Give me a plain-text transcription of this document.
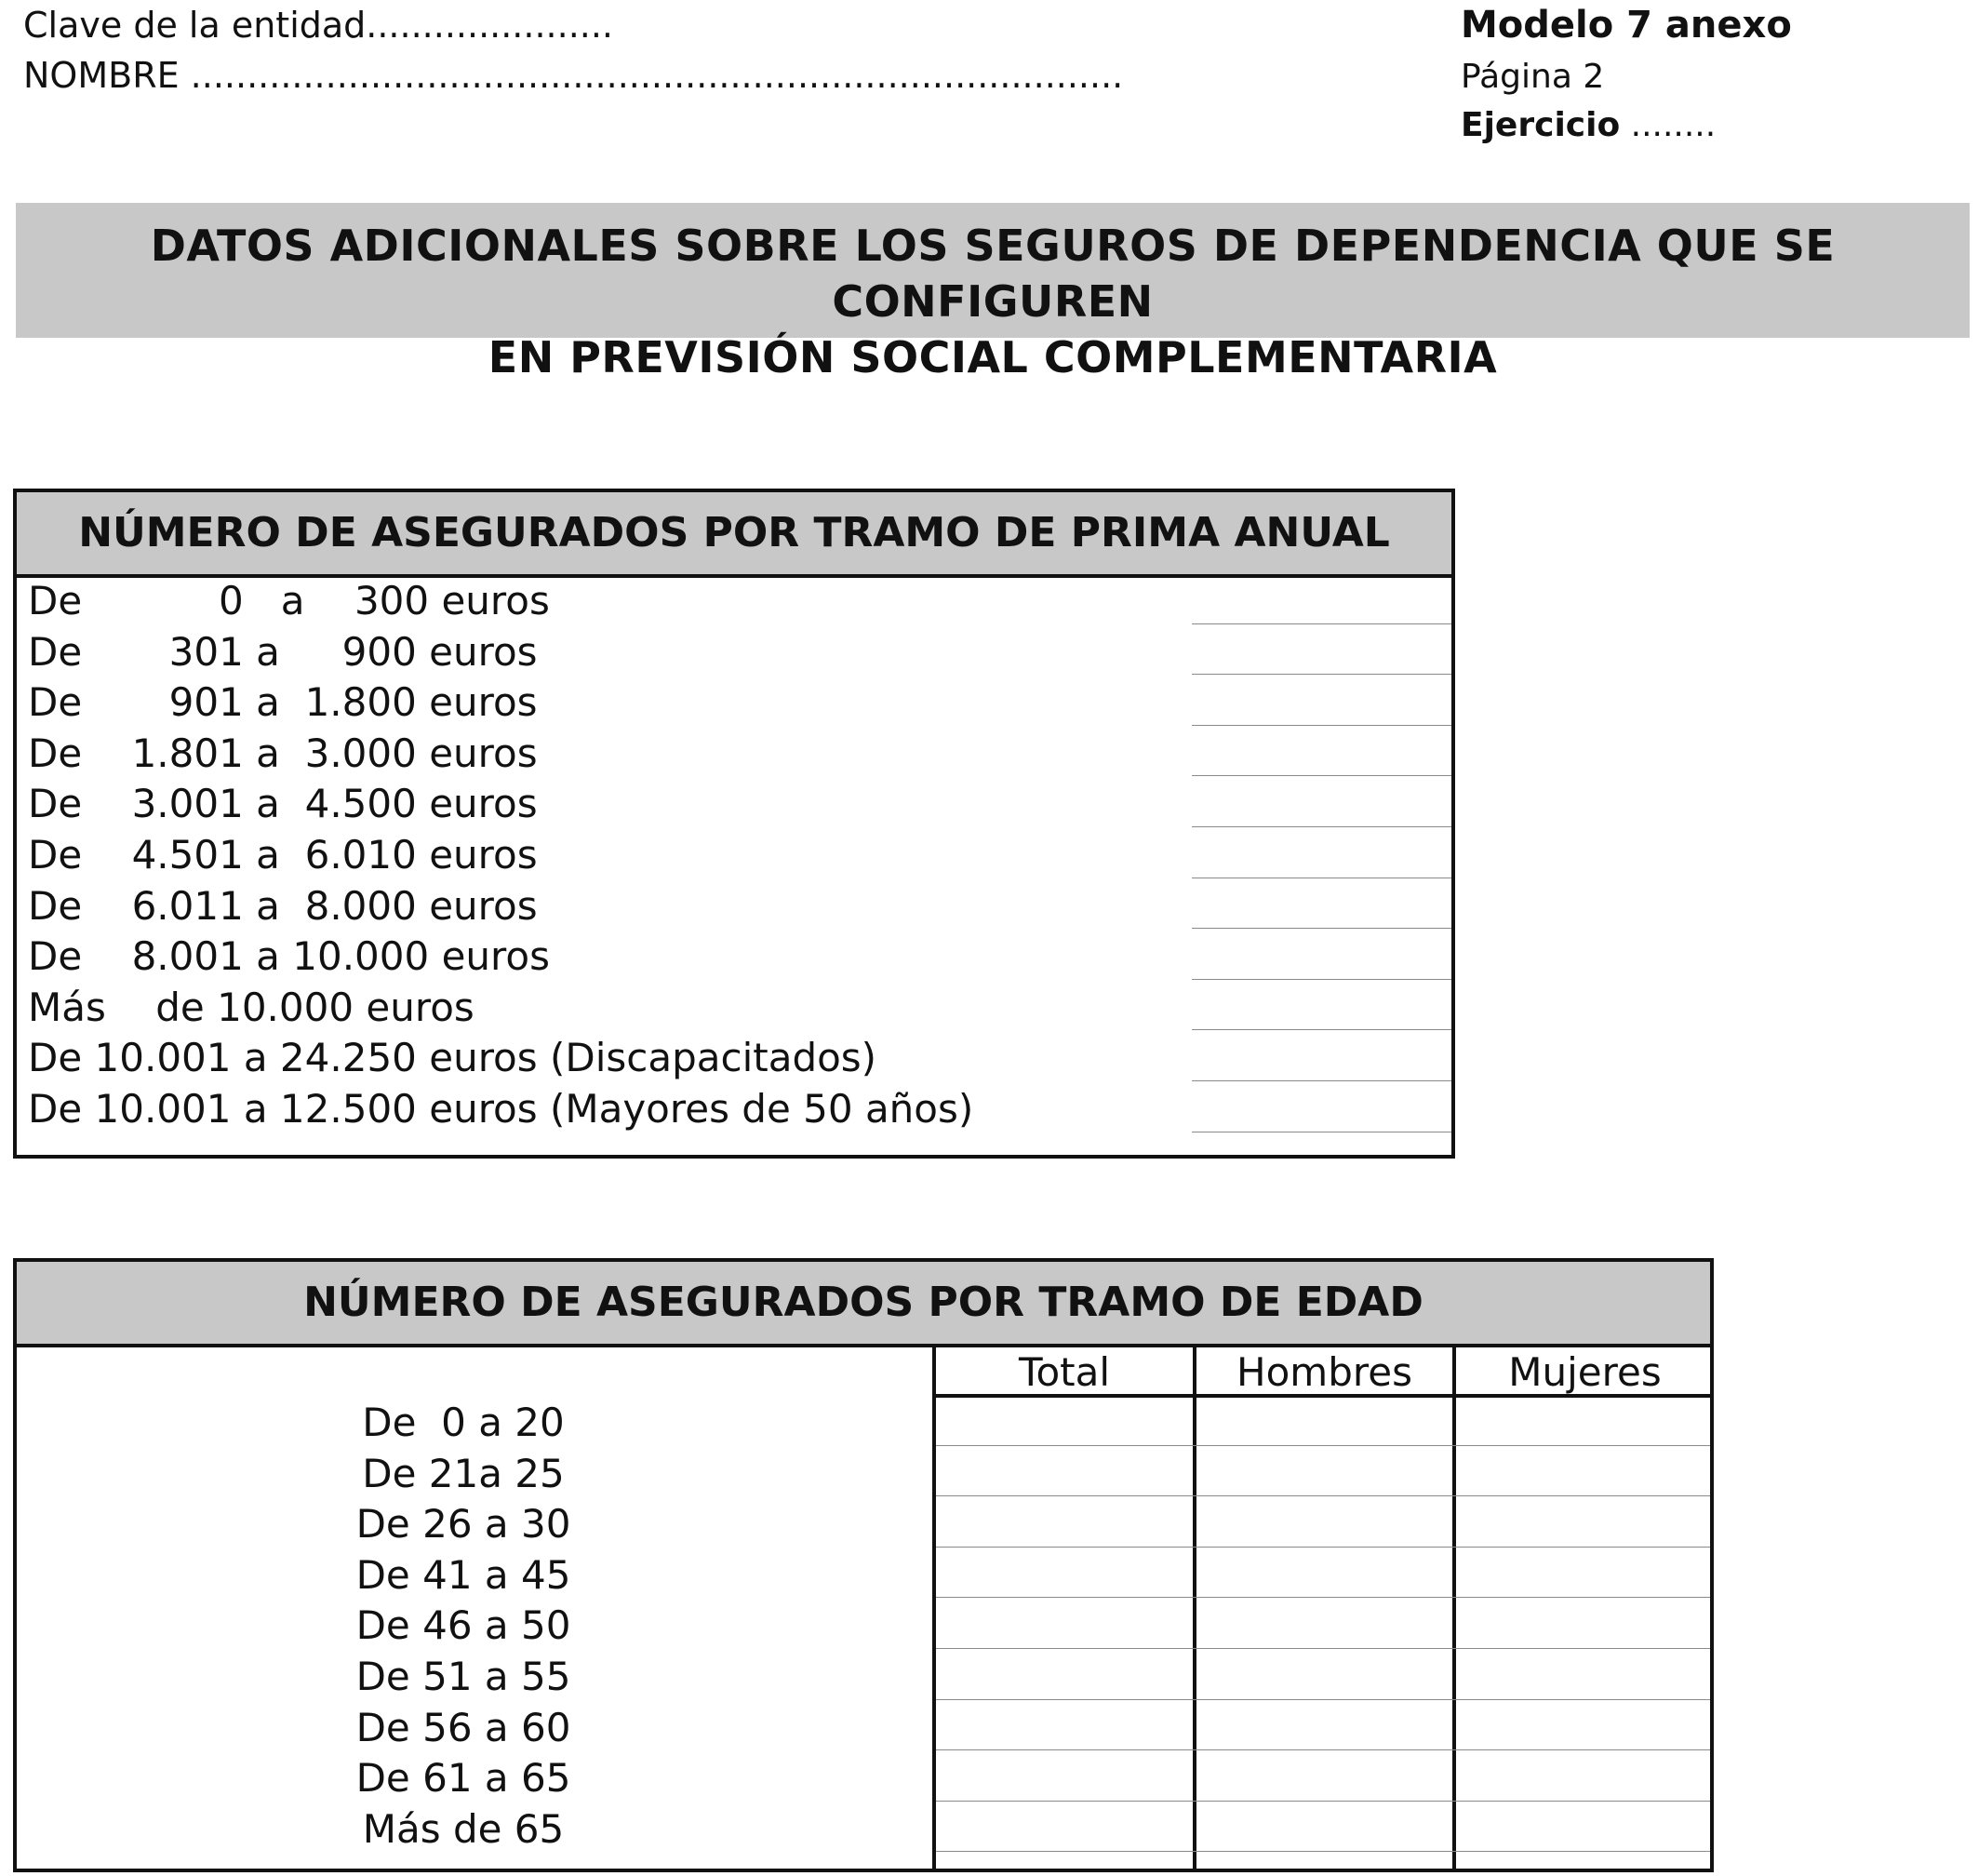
Clave de la entidad......................
NOMBRE ...................................................................................
Modelo 7 anexo
Página 2
Ejercicio ........
DATOS ADICIONALES SOBRE LOS SEGUROS DE DEPENDENCIA QUE SE CONFIGUREN
EN PREVISIÓN SOCIAL COMPLEMENTARIA
NÚMERO DE ASEGURADOS POR TRAMO DE PRIMA ANUAL
De           0   a    300 euros
De       301 a     900 euros
De       901 a  1.800 euros
De    1.801 a  3.000 euros
De    3.001 a  4.500 euros
De    4.501 a  6.010 euros
De    6.011 a  8.000 euros
De    8.001 a 10.000 euros
Más    de 10.000 euros
De 10.001 a 24.250 euros (Discapacitados)
De 10.001 a 12.500 euros (Mayores de 50 años)
NÚMERO DE ASEGURADOS POR TRAMO DE EDAD
Total	Hombres	Mujeres
De  0 a 20
De 21a 25
De 26 a 30
De 41 a 45
De 46 a 50
De 51 a 55
De 56 a 60
De 61 a 65
Más de 65
